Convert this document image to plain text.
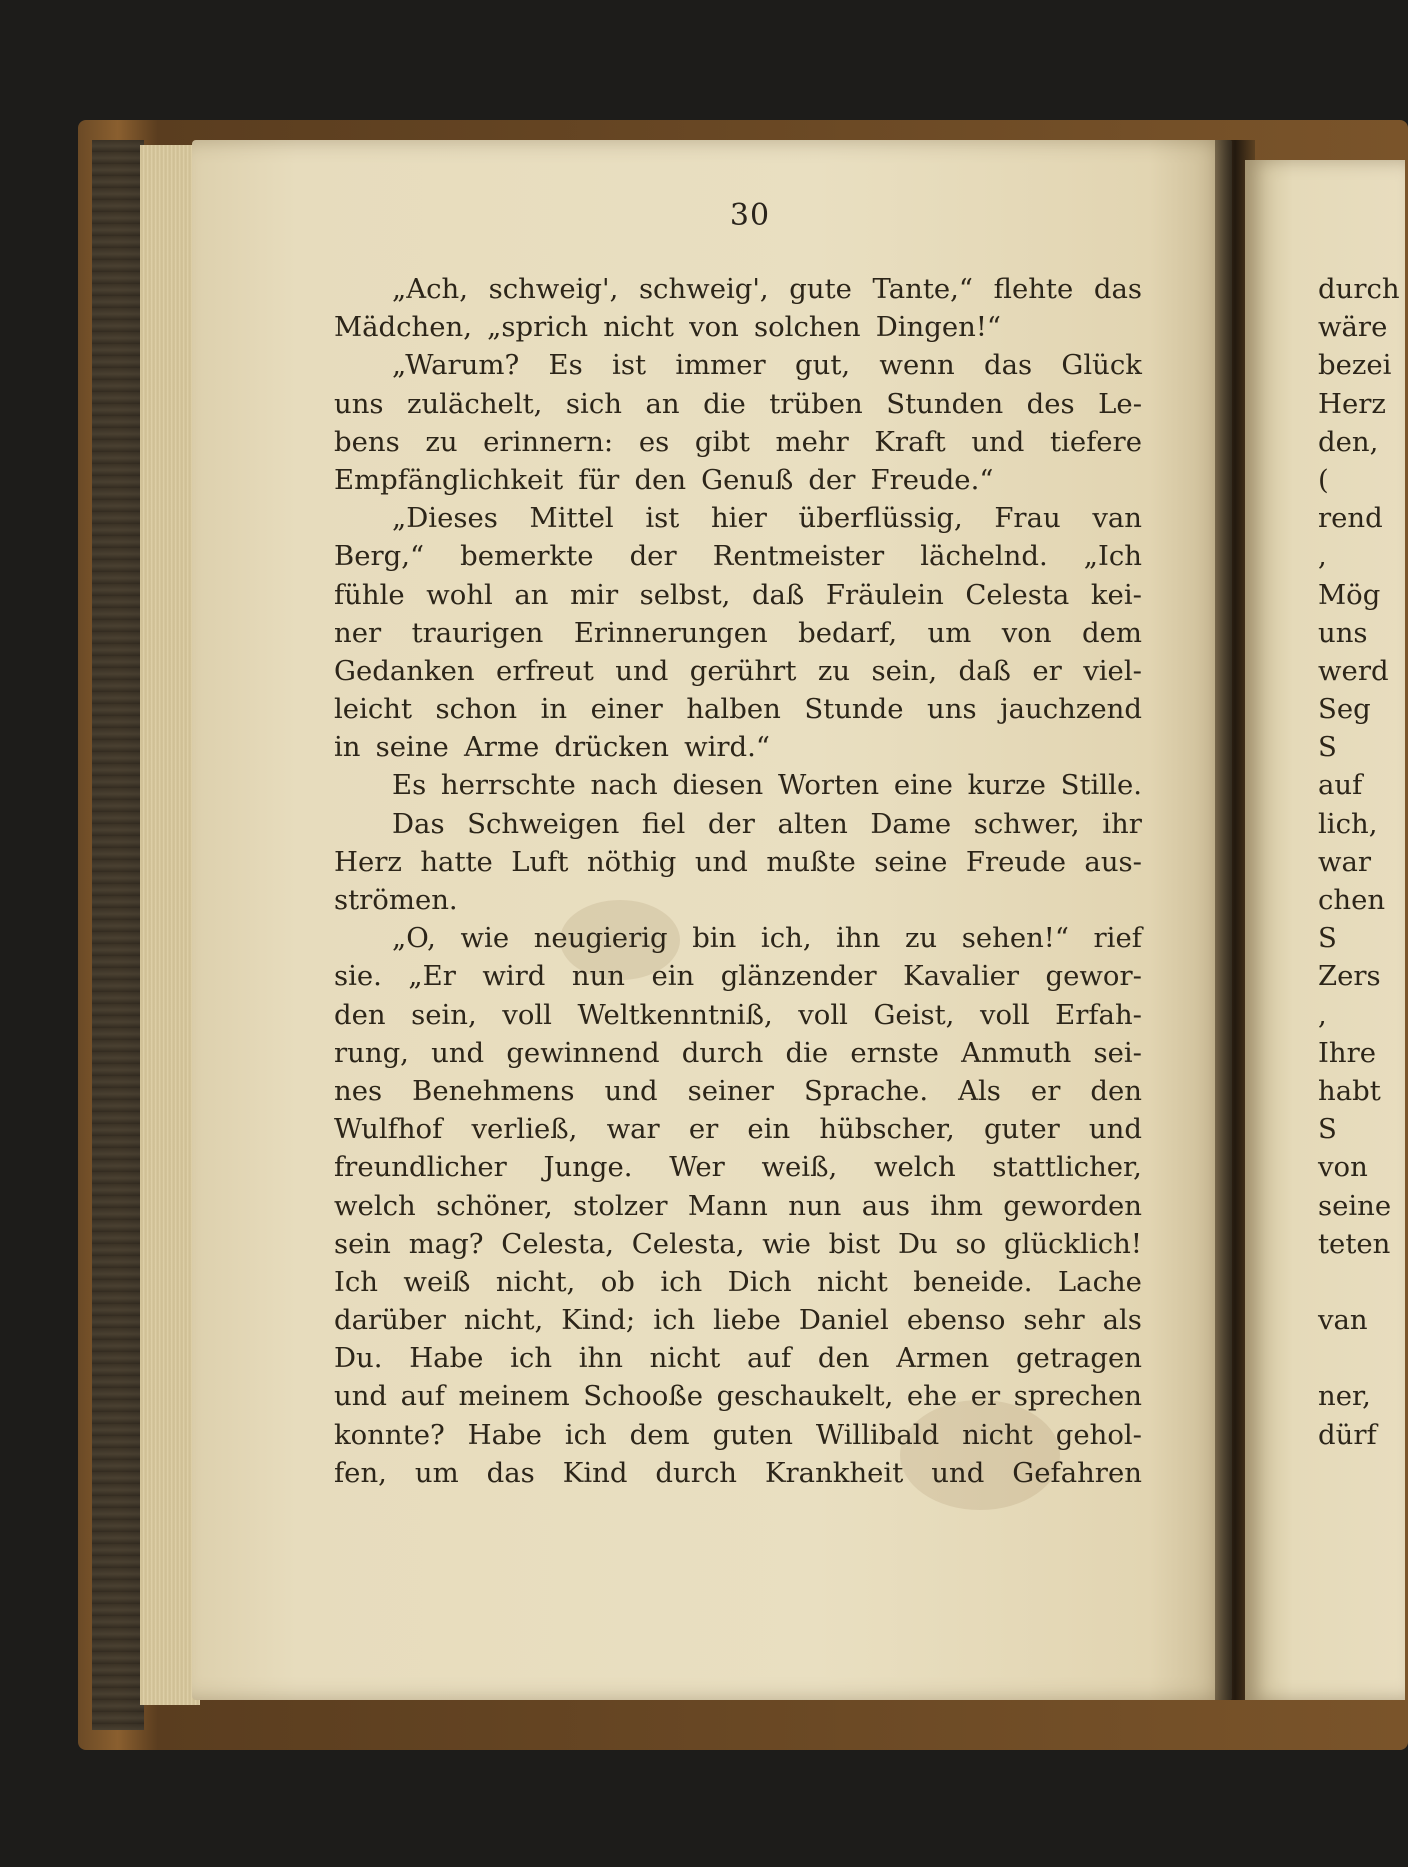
30
„Ach, schweig', schweig', gute Tante,“ flehte das
Mädchen, „sprich nicht von solchen Dingen!“
„Warum? Es ist immer gut, wenn das Glück
uns zulächelt, sich an die trüben Stunden des Le-
bens zu erinnern: es gibt mehr Kraft und tiefere
Empfänglichkeit für den Genuß der Freude.“
„Dieses Mittel ist hier überflüssig, Frau van
Berg,“ bemerkte der Rentmeister lächelnd. „Ich
fühle wohl an mir selbst, daß Fräulein Celesta kei-
ner traurigen Erinnerungen bedarf, um von dem
Gedanken erfreut und gerührt zu sein, daß er viel-
leicht schon in einer halben Stunde uns jauchzend
in seine Arme drücken wird.“
Es herrschte nach diesen Worten eine kurze Stille.
Das Schweigen fiel der alten Dame schwer, ihr
Herz hatte Luft nöthig und mußte seine Freude aus-
strömen.
„O, wie neugierig bin ich, ihn zu sehen!“ rief
sie. „Er wird nun ein glänzender Kavalier gewor-
den sein, voll Weltkenntniß, voll Geist, voll Erfah-
rung, und gewinnend durch die ernste Anmuth sei-
nes Benehmens und seiner Sprache. Als er den
Wulfhof verließ, war er ein hübscher, guter und
freundlicher Junge. Wer weiß, welch stattlicher,
welch schöner, stolzer Mann nun aus ihm geworden
sein mag? Celesta, Celesta, wie bist Du so glücklich!
Ich weiß nicht, ob ich Dich nicht beneide. Lache
darüber nicht, Kind; ich liebe Daniel ebenso sehr als
Du. Habe ich ihn nicht auf den Armen getragen
und auf meinem Schooße geschaukelt, ehe er sprechen
konnte? Habe ich dem guten Willibald nicht gehol-
fen, um das Kind durch Krankheit und Gefahren
durch
wäre
bezei
Herz
den,
(
rend
,
Mög
uns
werd
Seg
S
auf
lich,
war
chen
S
Zers
,
Ihre
habt
S
von
seine
teten
van
ner,
dürf
